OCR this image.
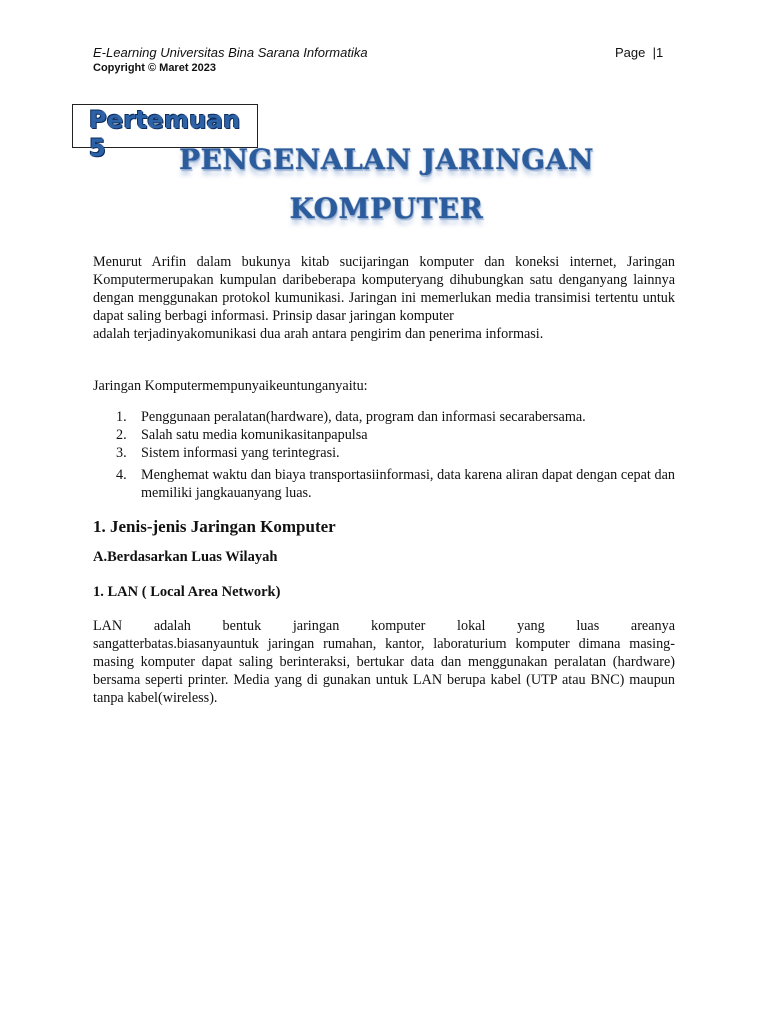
E-Learning Universitas Bina Sarana Informatika
Copyright © Maret 2023
Page  |1
Pertemuan 5	PENGENALAN JARINGAN
KOMPUTER
Menurut Arifin dalam bukunya kitab sucijaringan komputer dan koneksi internet, Jaringan Komputermerupakan kumpulan daribeberapa komputeryang dihubungkan satu denganyang lainnya dengan menggunakan protokol kumunikasi. Jaringan ini memerlukan media transimisi tertentu untuk dapat saling berbagi informasi. Prinsip dasar jaringan komputer
adalah terjadinyakomunikasi dua arah antara pengirim dan penerima informasi.
Jaringan Komputermempunyaikeuntunganyaitu:
1. Penggunaan peralatan(hardware), data, program dan informasi secarabersama.
2. Salah satu media komunikasitanpapulsa
3. Sistem informasi yang terintegrasi.
4. Menghemat waktu dan biaya transportasiinformasi, data karena aliran dapat dengan cepat dan memiliki jangkauanyang luas.
1. Jenis-jenis Jaringan Komputer
A.Berdasarkan Luas Wilayah
1. LAN ( Local Area Network)
LAN adalah bentuk jaringan komputer lokal yang luas areanya
sangatterbatas.biasanyauntuk jaringan rumahan, kantor, laboraturium komputer dimana masing-masing komputer dapat saling berinteraksi, bertukar data dan menggunakan peralatan (hardware) bersama seperti printer. Media yang di gunakan untuk LAN berupa kabel (UTP atau BNC) maupun tanpa kabel(wireless).
